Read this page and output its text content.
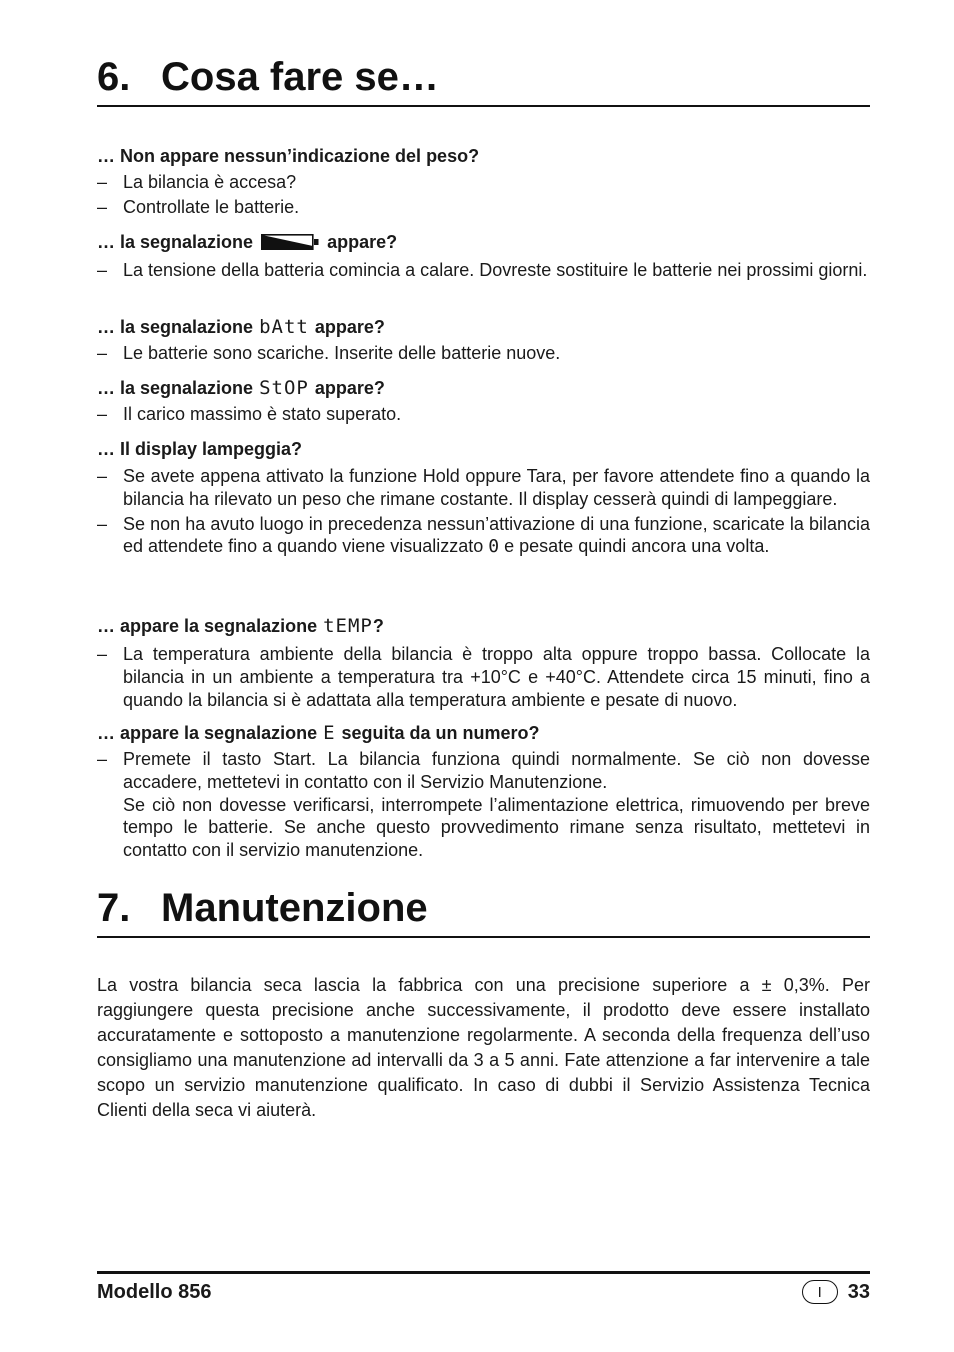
6. Cosa fare se…

… Non appare nessun’indicazione del peso?

– La bilancia è accesa?
– Controllate le batterie.

… la segnalazione	appare?

– La tensione della batteria comincia a calare. Dovreste sostituire le batterie nei prossimi giorni.

… la segnalazione bAtt appare?

– Le batterie sono scariche. Inserite delle batterie nuove.

… la segnalazione StOP appare?

– Il carico massimo è stato superato.

… Il display lampeggia?

– Se avete appena attivato la funzione Hold oppure Tara, per favore attendete fino a quando la bilancia ha rilevato un peso che rimane costante. Il display cesserà quindi di lampeggiare.
– Se non ha avuto luogo in precedenza nessun’attivazione di una funzione, scaricate la bilancia ed attendete fino a quando viene visualizzato 0 e pesate quindi ancora una volta.

… appare la segnalazione tEMP ?

– La temperatura ambiente della bilancia è troppo alta oppure troppo bassa. Collocate la bilancia in un ambiente a temperatura tra +10°C e +40°C. Attendete circa 15 minuti, fino a quando la bilancia si è adattata alla temperatura ambiente e pesate di nuovo.

… appare la segnalazione E seguita da un numero?

– Premete il tasto Start. La bilancia funziona quindi normalmente. Se ciò non dovesse accadere, mettetevi in contatto con il Servizio Manutenzione.
Se ciò non dovesse verificarsi, interrompete l’alimentazione elettrica, rimuovendo per breve tempo le batterie. Se anche questo provvedimento rimane senza risultato, mettetevi in contatto con il servizio manutenzione.
7. Manutenzione
La vostra bilancia seca lascia la fabbrica con una precisione superiore a ± 0,3%. Per raggiungere questa precisione anche successivamente, il prodotto deve essere installato accuratamente e sottoposto a manutenzione regolarmente. A seconda della frequenza dell’uso consigliamo una manutenzione ad intervalli da 3 a 5 anni. Fate attenzione a far intervenire a tale scopo un servizio manutenzione qualificato. In caso di dubbi il Servizio Assistenza Tecnica Clienti della seca vi aiuterà.
Modello 856	I	33
